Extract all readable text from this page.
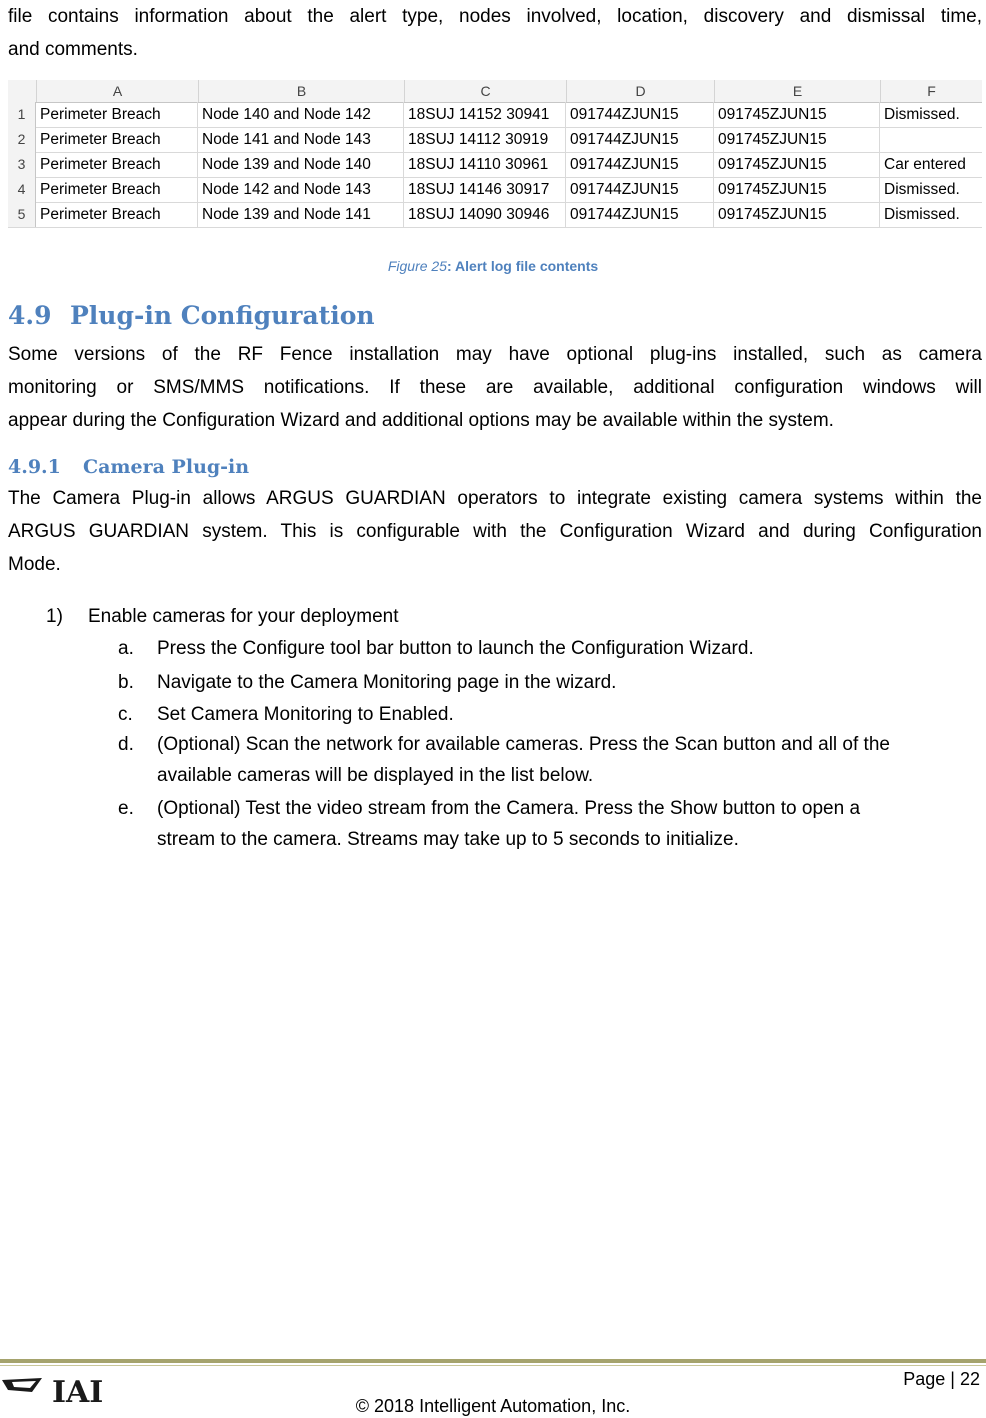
file contains information about the alert type, nodes involved, location, discovery and dismissal time,
and comments.
A	B	C	D	E	F
1 Perimeter Breach	Node 140 and Node 142	18SUJ 14152 30941	091744ZJUN15	091745ZJUN15	Dismissed.
2 Perimeter Breach	Node 141 and Node 143	18SUJ 14112 30919	091744ZJUN15	091745ZJUN15
3 Perimeter Breach	Node 139 and Node 140	18SUJ 14110 30961	091744ZJUN15	091745ZJUN15	Car entered
4 Perimeter Breach	Node 142 and Node 143	18SUJ 14146 30917	091744ZJUN15	091745ZJUN15	Dismissed.
5 Perimeter Breach	Node 139 and Node 141	18SUJ 14090 30946	091744ZJUN15	091745ZJUN15	Dismissed.
Figure 25: Alert log file contents
4.9 Plug-in Configuration
Some versions of the RF Fence installation may have optional plug-ins installed, such as camera
monitoring or SMS/MMS notifications. If these are available, additional configuration windows will
appear during the Configuration Wizard and additional options may be available within the system.
4.9.1 Camera Plug-in
The Camera Plug-in allows ARGUS GUARDIAN operators to integrate existing camera systems within the
ARGUS GUARDIAN system. This is configurable with the Configuration Wizard and during Configuration
Mode.
1) Enable cameras for your deployment
a. Press the Configure tool bar button to launch the Configuration Wizard.
b. Navigate to the Camera Monitoring page in the wizard.
c. Set Camera Monitoring to Enabled.
d. (Optional) Scan the network for available cameras. Press the Scan button and all of the
available cameras will be displayed in the list below.
e. (Optional) Test the video stream from the Camera. Press the Show button to open a
stream to the camera. Streams may take up to 5 seconds to initialize.
IAI	Page | 22
© 2018 Intelligent Automation, Inc.
